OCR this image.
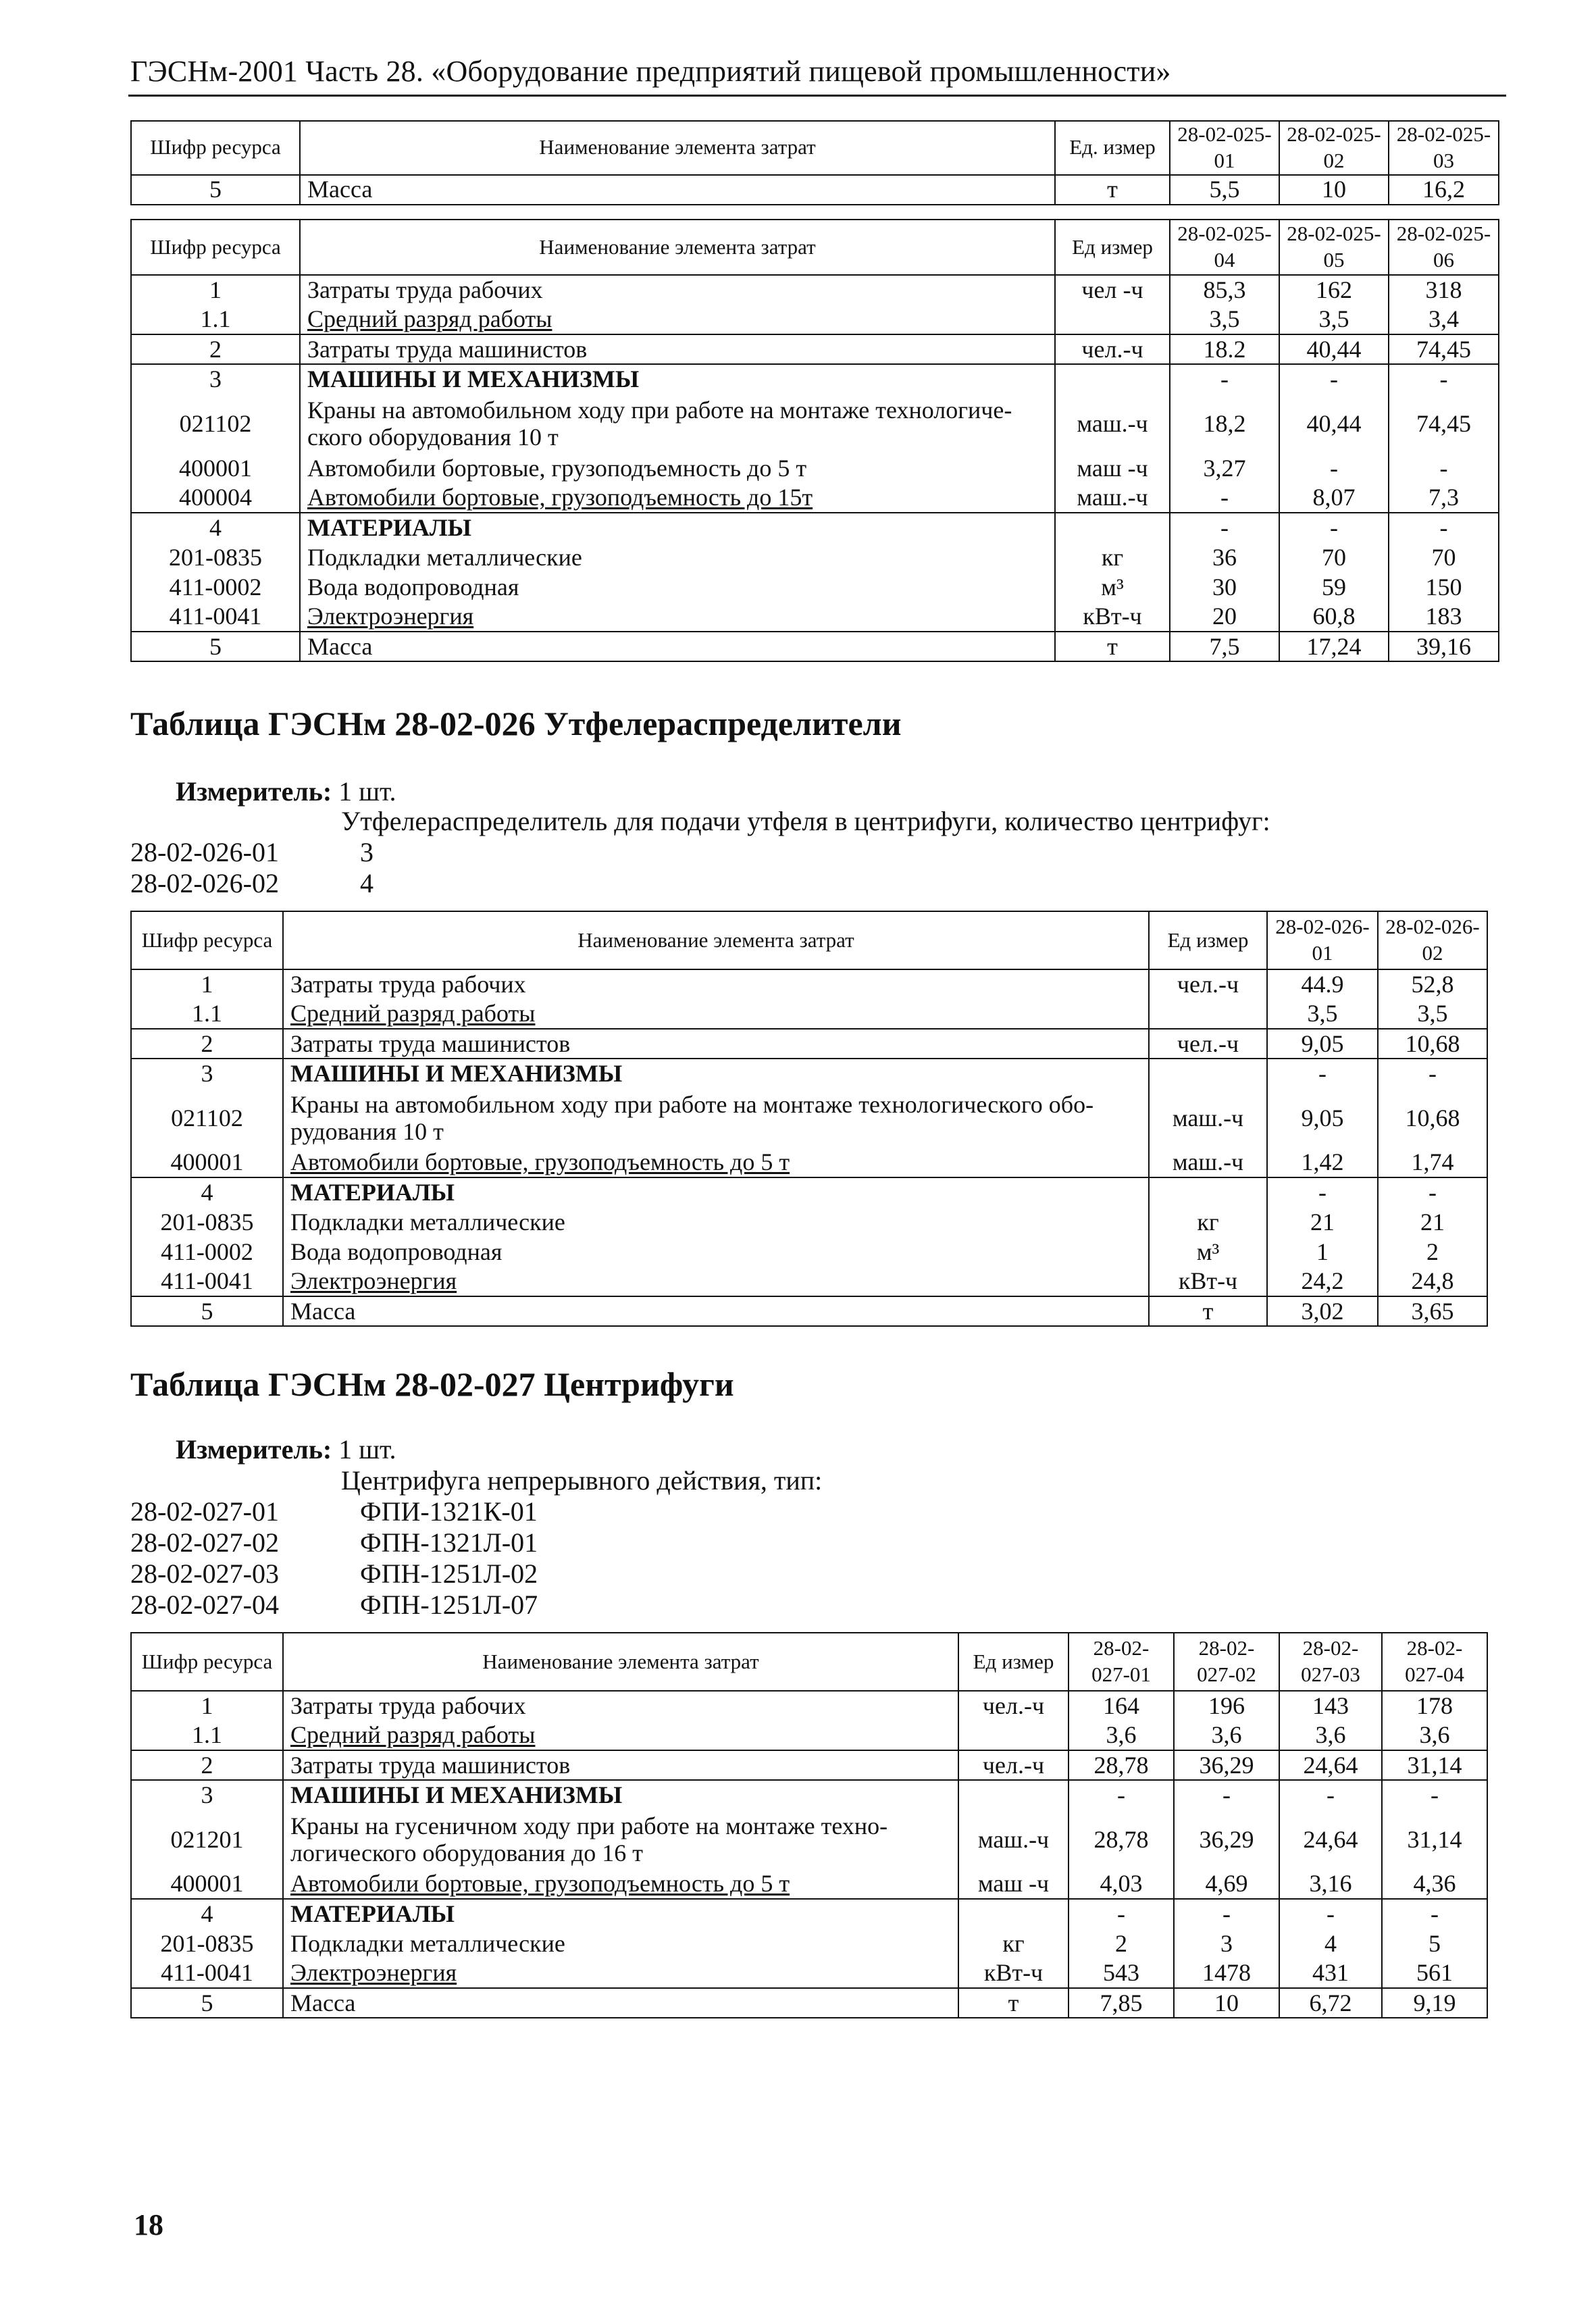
ГЭСНм-2001 Часть 28. «Оборудование предприятий пищевой промышленности»
Шифр ресурса	Наименование элемента затрат	Ед. измер	28-02-025-01	28-02-025-02	28-02-025-03

5	Масса	т	5,5	10	16,2
Шифр ресурса	Наименование элемента затрат	Ед измер	28-02-025-04	28-02-025-05	28-02-025-06

1	Затраты труда рабочих	чел -ч	85,3	162	318
1.1	Средний разряд работы		3,5	3,5	3,4
2	Затраты труда машинистов	чел.-ч	18.2	40,44	74,45
3	МАШИНЫ И МЕХАНИЗМЫ		-	-	-
021102	Краны на автомобильном ходу при работе на монтаже технологиче-ского оборудования 10 т	маш.-ч	18,2	40,44	74,45
400001	Автомобили бортовые, грузоподъемность до 5 т	маш -ч	3,27	-	-
400004	Автомобили бортовые, грузоподъемность до 15т	маш.-ч	-	8,07	7,3
4	МАТЕРИАЛЫ		-	-	-
201-0835	Подкладки металлические	кг	36	70	70
411-0002	Вода водопроводная	м³	30	59	150
411-0041	Электроэнергия	кВт-ч	20	60,8	183
5	Масса	т	7,5	17,24	39,16
Таблица ГЭСНм 28-02-026 Утфелераспределители
Измеритель: 1 шт.
Утфелераспределитель для подачи утфеля в центрифуги, количество центрифуг:
28-02-026-01	3
28-02-026-02	4
Шифр ресурса	Наименование элемента затрат	Ед измер	28-02-026-01	28-02-026-02

1	Затраты труда рабочих	чел.-ч	44.9	52,8
1.1	Средний разряд работы		3,5	3,5
2	Затраты труда машинистов	чел.-ч	9,05	10,68
3	МАШИНЫ И МЕХАНИЗМЫ		-	-
021102	Краны на автомобильном ходу при работе на монтаже технологического обо-рудования 10 т	маш.-ч	9,05	10,68
400001	Автомобили бортовые, грузоподъемность до 5 т	маш.-ч	1,42	1,74
4	МАТЕРИАЛЫ		-	-
201-0835	Подкладки металлические	кг	21	21
411-0002	Вода водопроводная	м³	1	2
411-0041	Электроэнергия	кВт-ч	24,2	24,8
5	Масса	т	3,02	3,65
Таблица ГЭСНм 28-02-027 Центрифуги
Измеритель: 1 шт.
Центрифуга непрерывного действия, тип:
28-02-027-01	ФПИ-1321К-01
28-02-027-02	ФПН-1321Л-01
28-02-027-03	ФПН-1251Л-02
28-02-027-04	ФПН-1251Л-07
Шифр ресурса	Наименование элемента затрат	Ед измер	28-02-027-01	28-02-027-02	28-02-027-03	28-02-027-04

1	Затраты труда рабочих	чел.-ч	164	196	143	178
1.1	Средний разряд работы		3,6	3,6	3,6	3,6
2	Затраты труда машинистов	чел.-ч	28,78	36,29	24,64	31,14
3	МАШИНЫ И МЕХАНИЗМЫ		-	-	-	-
021201	Краны на гусеничном ходу при работе на монтаже техно-логического оборудования до 16 т	маш.-ч	28,78	36,29	24,64	31,14
400001	Автомобили бортовые, грузоподъемность до 5 т	маш -ч	4,03	4,69	3,16	4,36
4	МАТЕРИАЛЫ		-	-	-	-
201-0835	Подкладки металлические	кг	2	3	4	5
411-0041	Электроэнергия	кВт-ч	543	1478	431	561
5	Масса	т	7,85	10	6,72	9,19
18
